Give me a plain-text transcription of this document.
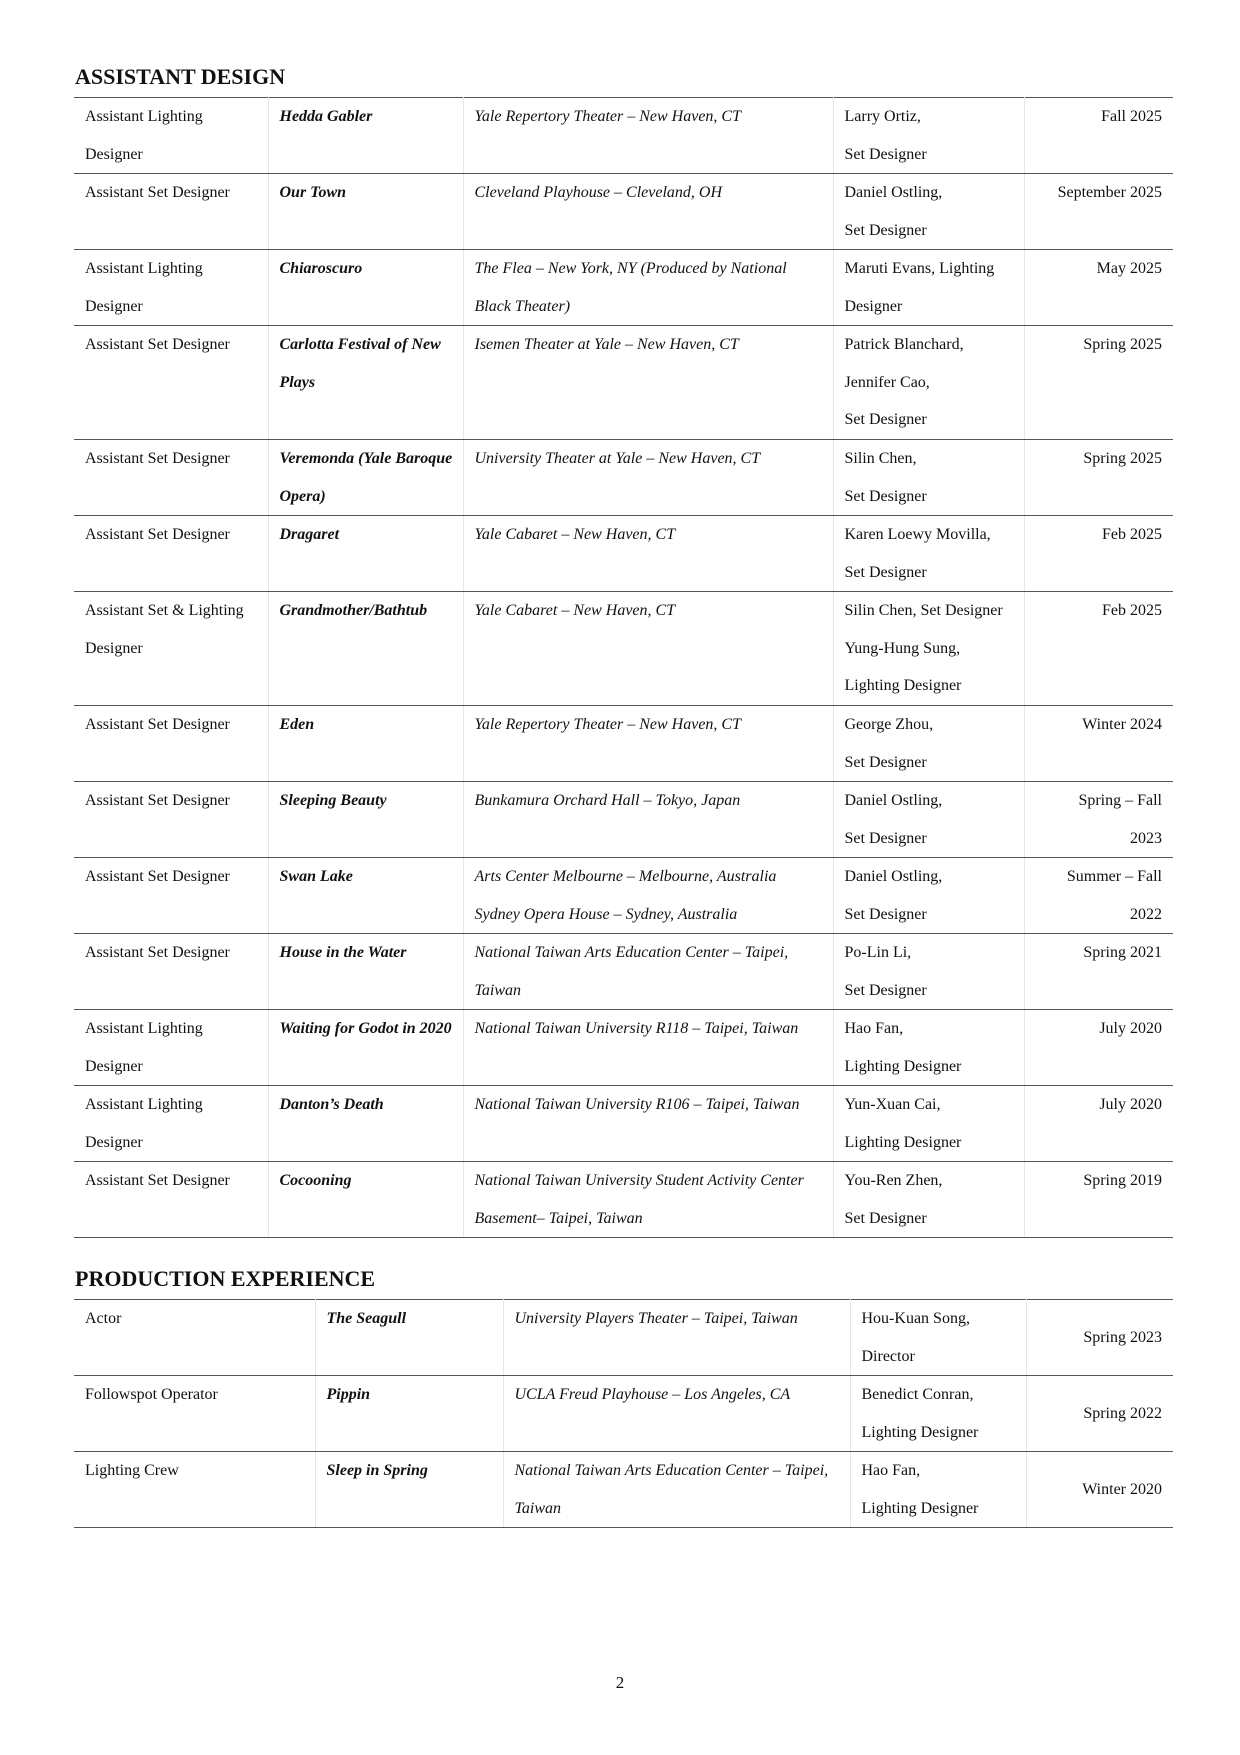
ASSISTANT DESIGN
Assistant Lighting Designer	Hedda Gabler	Yale Repertory Theater – New Haven, CT	Larry Ortiz,
Set Designer	Fall 2025

Assistant Set Designer	Our Town	Cleveland Playhouse – Cleveland, OH	Daniel Ostling,
Set Designer	September 2025

Assistant Lighting Designer	Chiaroscuro	The Flea – New York, NY (Produced by National Black Theater)	Maruti Evans, Lighting Designer	May 2025

Assistant Set Designer	Carlotta Festival of New Plays	Isemen Theater at Yale – New Haven, CT	Patrick Blanchard,
Jennifer Cao,
Set Designer	Spring 2025

Assistant Set Designer	Veremonda (Yale Baroque Opera)	University Theater at Yale – New Haven, CT	Silin Chen,
Set Designer	Spring 2025

Assistant Set Designer	Dragaret	Yale Cabaret – New Haven, CT	Karen Loewy Movilla,
Set Designer	Feb 2025

Assistant Set & Lighting Designer	Grandmother/Bathtub	Yale Cabaret – New Haven, CT	Silin Chen, Set Designer
Yung-Hung Sung,
Lighting Designer	Feb 2025

Assistant Set Designer	Eden	Yale Repertory Theater – New Haven, CT	George Zhou,
Set Designer	Winter 2024

Assistant Set Designer	Sleeping Beauty	Bunkamura Orchard Hall – Tokyo, Japan	Daniel Ostling,
Set Designer	Spring – Fall
2023

Assistant Set Designer	Swan Lake	Arts Center Melbourne – Melbourne, Australia
Sydney Opera House – Sydney, Australia	Daniel Ostling,
Set Designer	Summer – Fall
2022

Assistant Set Designer	House in the Water	National Taiwan Arts Education Center – Taipei, Taiwan	Po-Lin Li,
Set Designer	Spring 2021

Assistant Lighting Designer	Waiting for Godot in 2020	National Taiwan University R118 – Taipei, Taiwan	Hao Fan,
Lighting Designer	July 2020

Assistant Lighting Designer	Danton’s Death	National Taiwan University R106 – Taipei, Taiwan	Yun-Xuan Cai,
Lighting Designer	July 2020

Assistant Set Designer	Cocooning	National Taiwan University Student Activity Center Basement– Taipei, Taiwan	You-Ren Zhen,
Set Designer	Spring 2019
PRODUCTION EXPERIENCE
Actor	The Seagull	University Players Theater – Taipei, Taiwan	Hou-Kuan Song,
Director	Spring 2023

Followspot Operator	Pippin	UCLA Freud Playhouse – Los Angeles, CA	Benedict Conran,
Lighting Designer	Spring 2022

Lighting Crew	Sleep in Spring	National Taiwan Arts Education Center – Taipei, Taiwan	Hao Fan,
Lighting Designer	Winter 2020
2
